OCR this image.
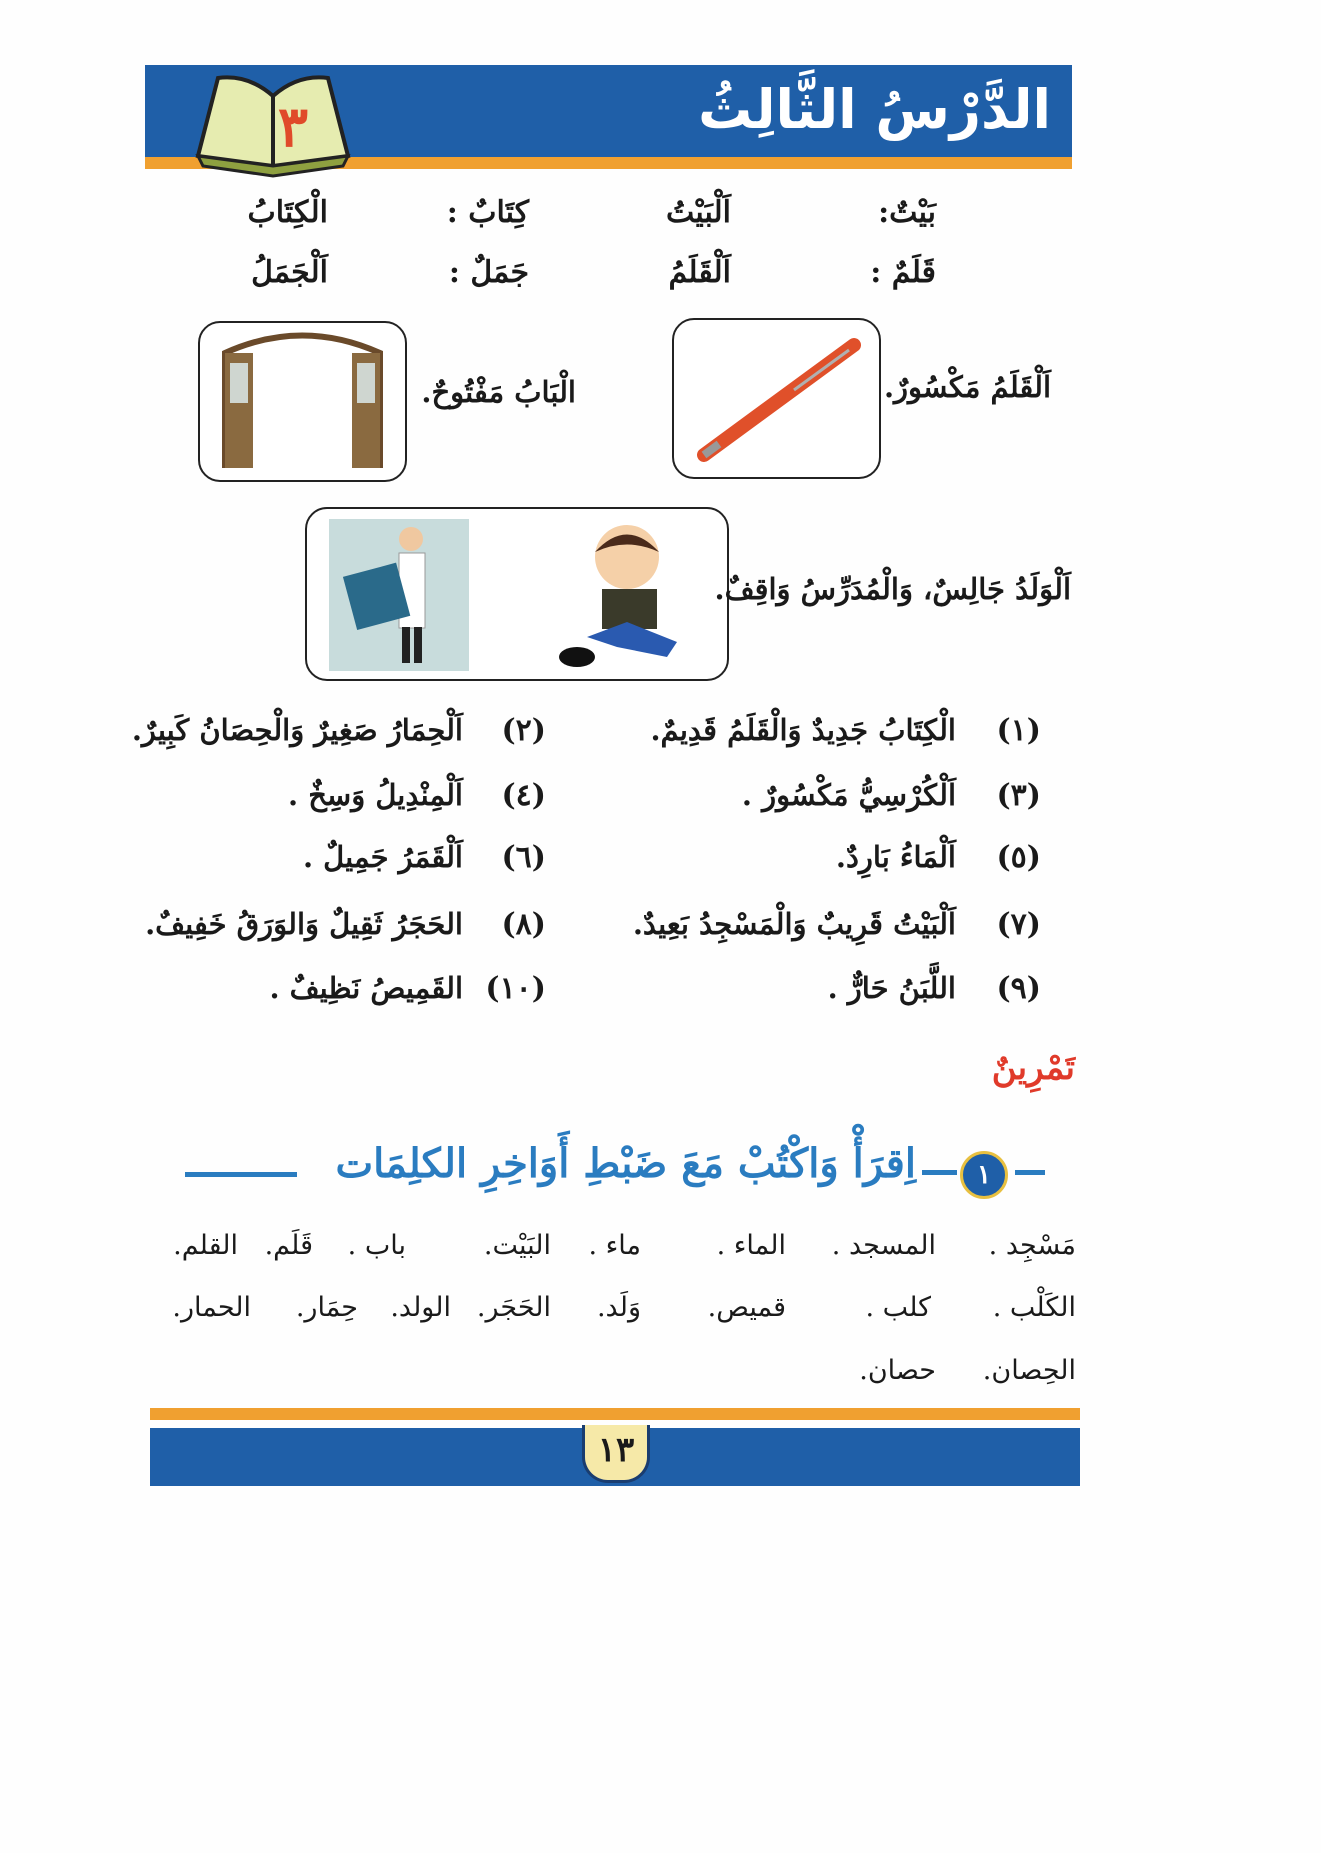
٣	الدَّرْسُ الثَّالِثُ
بَيْتٌ:
اَلْبَيْتُ
كِتَابٌ :
الْكِتَابُ
قَلَمٌ :
اَلْقَلَمُ
جَمَلٌ :
اَلْجَمَلُ
اَلْقَلَمُ مَكْسُورٌ.
الْبَابُ مَفْتُوحٌ.
اَلْوَلَدُ جَالِسٌ، وَالْمُدَرِّسُ وَاقِفٌ.
(١)
الْكِتَابُ جَدِيدٌ وَالْقَلَمُ قَدِيمٌ.
(٢)
اَلْحِمَارُ صَغِيرٌ وَالْحِصَانُ كَبِيرٌ.
(٣)
اَلْكُرْسِيُّ مَكْسُورٌ .
(٤)
اَلْمِنْدِيلُ وَسِخٌ .
(٥)
اَلْمَاءُ بَارِدٌ.
(٦)
اَلْقَمَرُ جَمِيلٌ .
(٧)
اَلْبَيْتُ قَرِيبٌ وَالْمَسْجِدُ بَعِيدٌ.
(٨)
الحَجَرُ ثَقِيلٌ وَالوَرَقُ خَفِيفٌ.
(٩)
اللَّبَنُ حَارٌّ .
(١٠)
القَمِيصُ نَظِيفٌ .
تَمْرِينٌ
١
اِقرَأْ وَاكْتُبْ مَعَ ضَبْطِ أَوَاخِرِ الكلِمَات
مَسْجِد .
المسجد .
الماء .
ماء .
البَيْت.
باب .
قَلَم.
القلم.
الكَلْب .
كلب .
قميص.
وَلَد.
الحَجَر.
الولد.
حِمَار.
الحمار.
الحِصان.
حصان.
١٣
